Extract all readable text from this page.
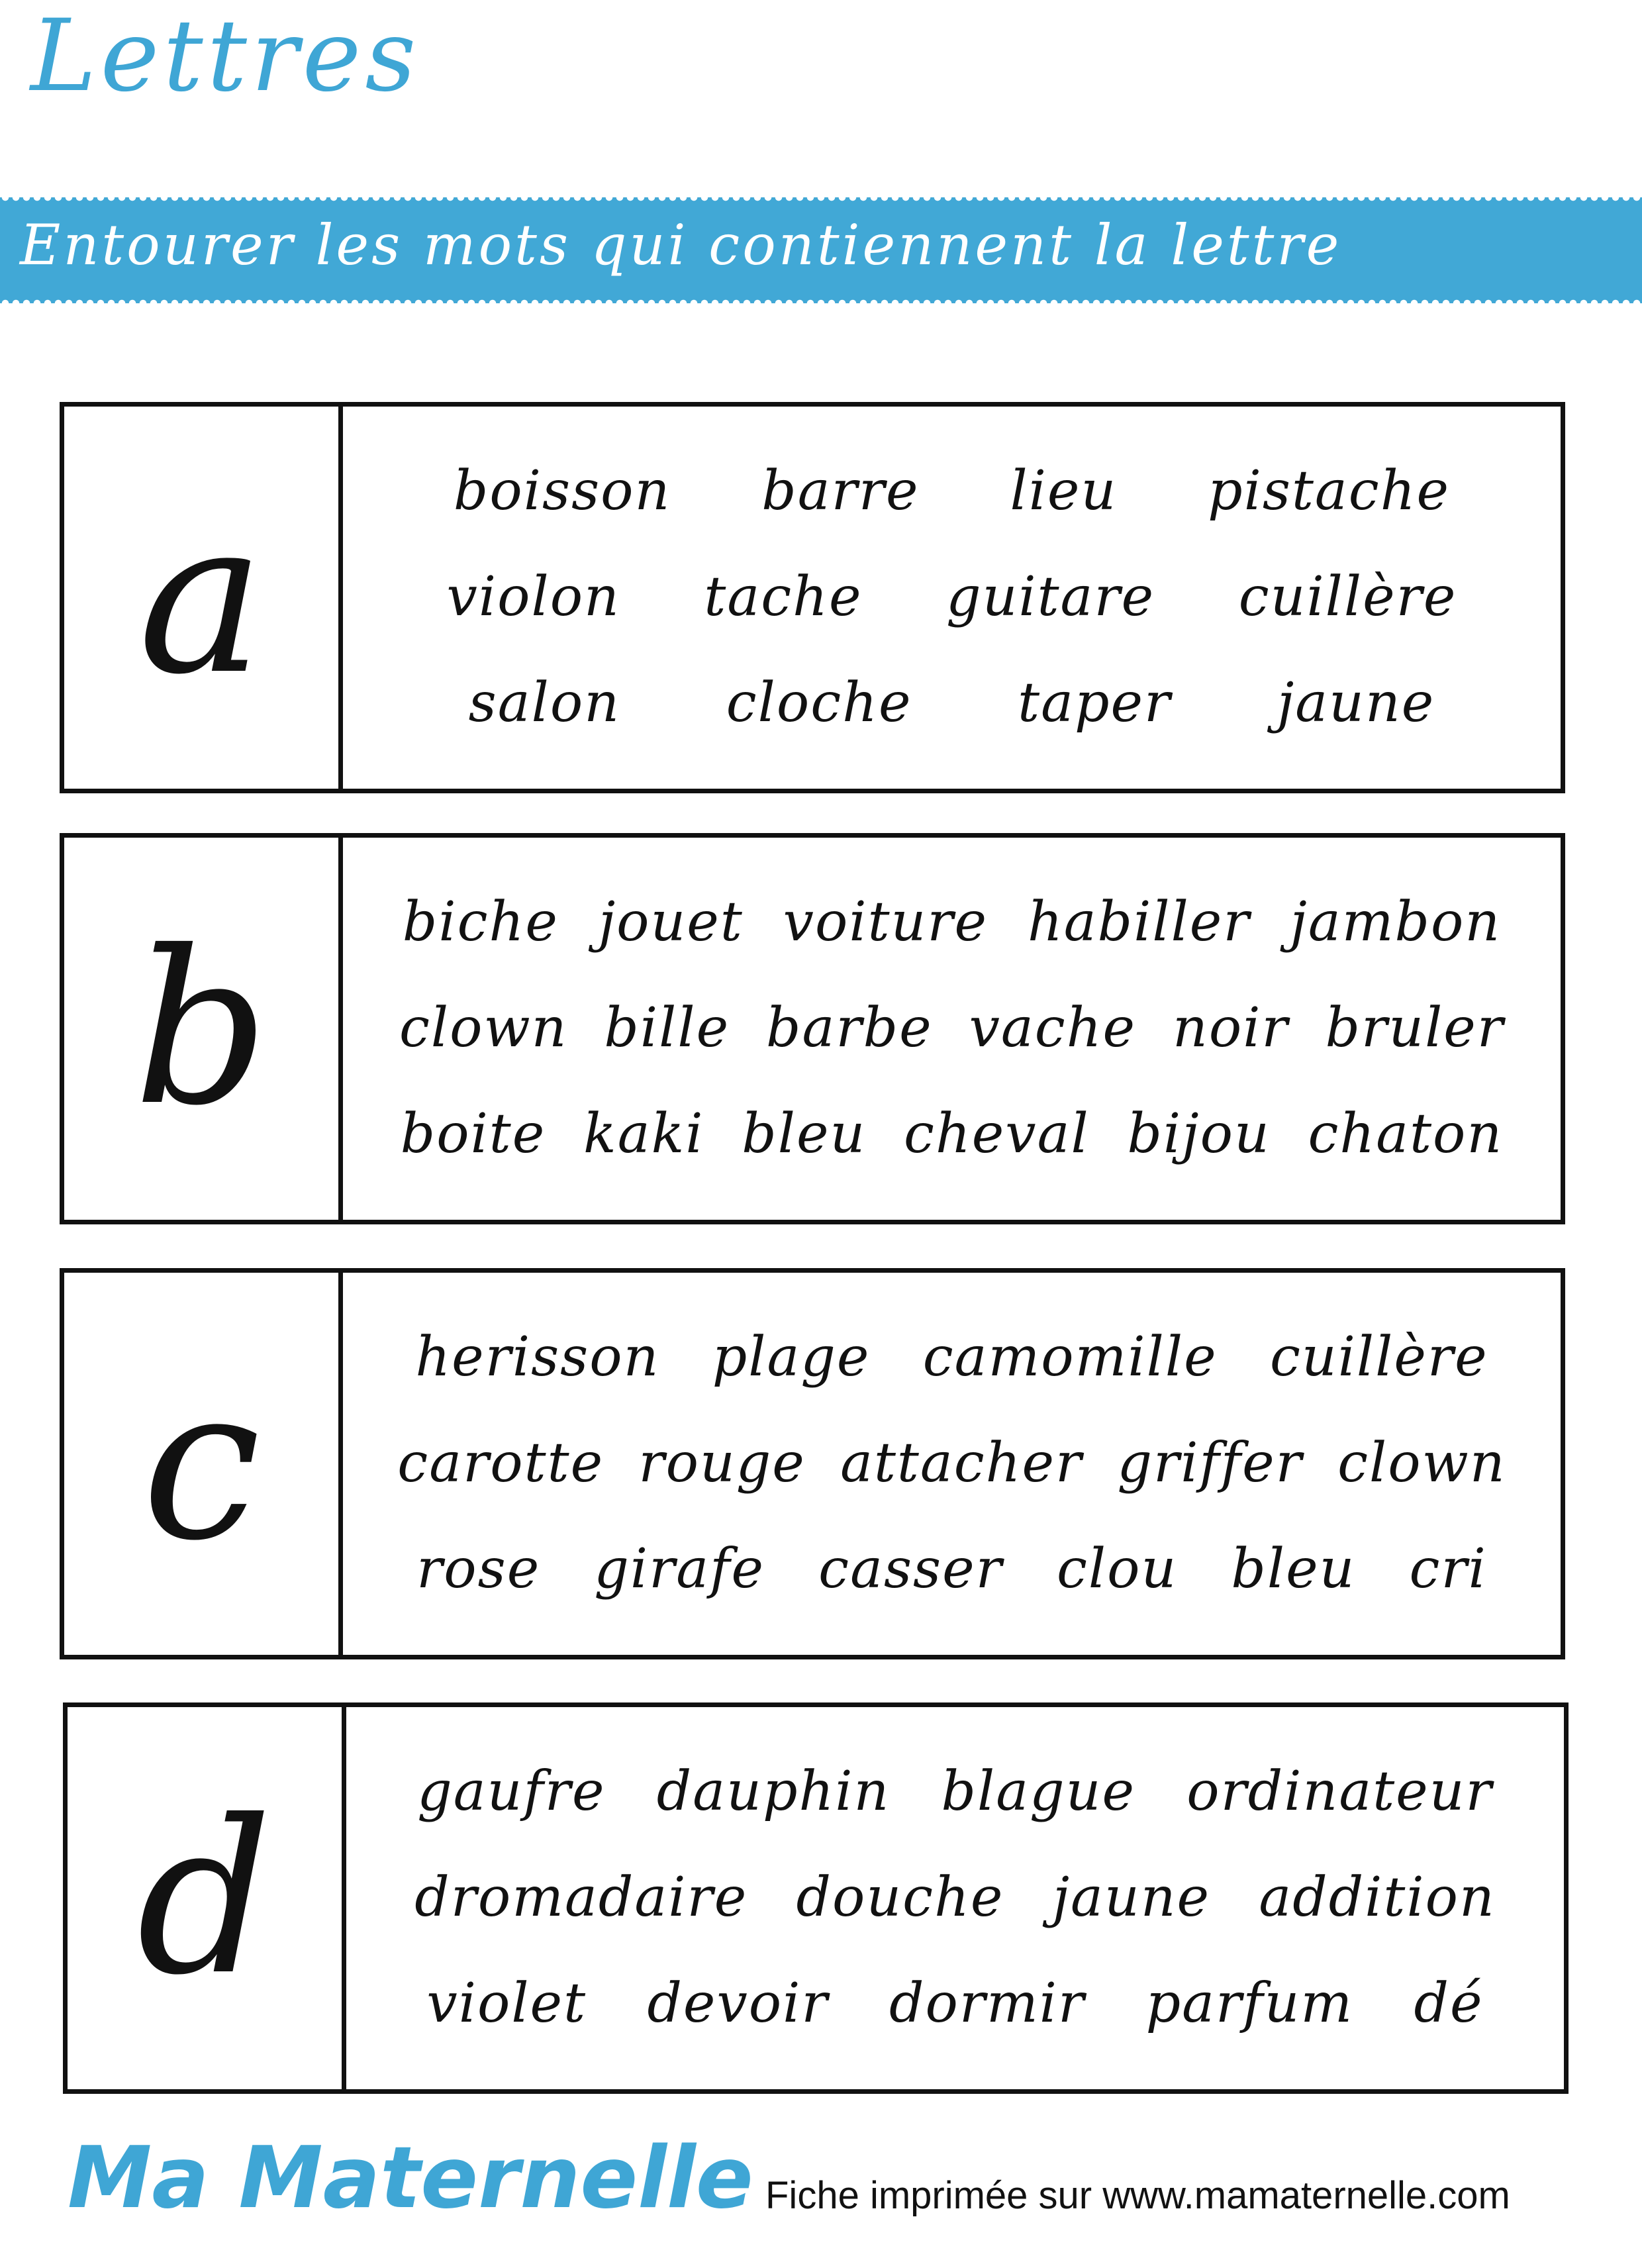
Lettres
Entourer les mots qui contiennent la lettre
a	boisson barre lieu pistache
violon tache guitare cuillère
salon cloche taper jaune
b biche jouet voiture habiller jambon
clown bille barbe vache noir bruler
boite kaki bleu cheval bijou chaton
c	herisson plage camomille cuillère
carotte rouge attacher griffer clown
rose girafe casser clou bleu cri
d	gaufre dauphin blague ordinateur
dromadaire douche jaune addition
violet devoir dormir parfum dé
Ma Maternelle Fiche imprimée sur www.mamaternelle.com
